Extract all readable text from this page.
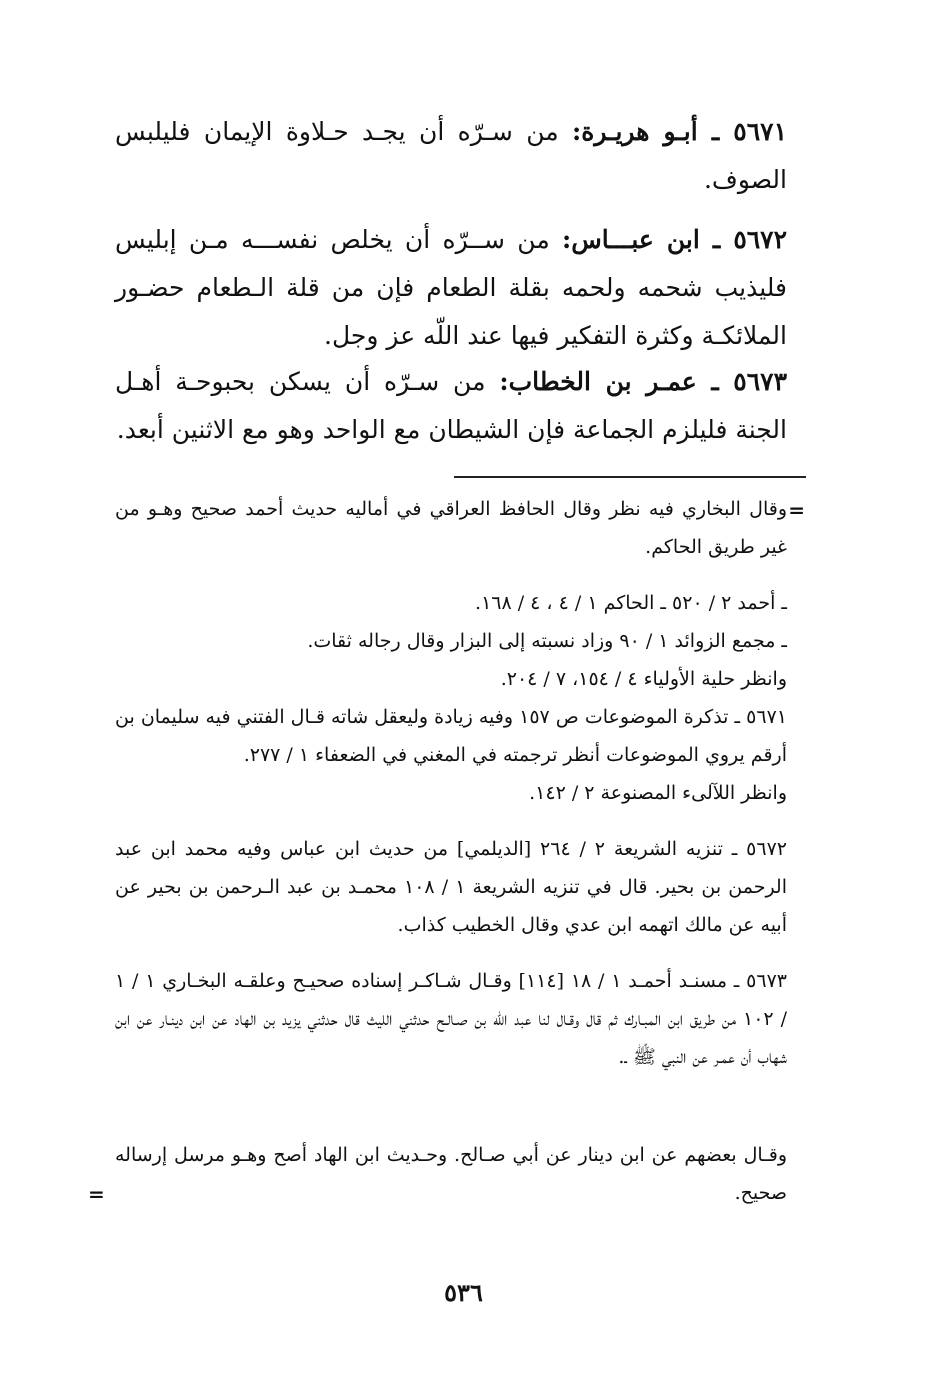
٥٦٧١ ـ أبـو هريـرة: من سـرّه أن يجـد حـلاوة الإيمان فليلبس الصوف.
٥٦٧٢ ـ ابن عبـــاس: من ســرّه أن يخلص نفســـه مـن إبليس فليذيب شحمه ولحمه بقلة الطعام فإن من قلة الـطعام حضـور الملائكـة وكثرة التفكير فيها عند اللّه عز وجل.
٥٦٧٣ ـ عمـر بن الخطاب: من سـرّه أن يسكن بحبوحـة أهـل الجنة فليلزم الجماعة فإن الشيطان مع الواحد وهو مع الاثنين أبعد.
=
وقال البخاري فيه نظر وقال الحافظ العراقي في أماليه حديث أحمد صحيح وهـو من غير طريق الحاكم.
ـ أحمد ٢ / ٥٢٠ ـ الحاكم ١ / ٤ ، ٤ / ١٦٨.
ـ مجمع الزوائد ١ / ٩٠ وزاد نسبته إلى البزار وقال رجاله ثقات.
وانظر حلية الأولياء ٤ / ١٥٤، ٧ / ٢٠٤.
٥٦٧١ ـ تذكرة الموضوعات ص ١٥٧ وفيه زيادة وليعقل شاته قـال الفتني فيه سليمان بن أرقم يروي الموضوعات أنظر ترجمته في المغني في الضعفاء ١ / ٢٧٧.
وانظر اللآلىء المصنوعة ٢ / ١٤٢.
٥٦٧٢ ـ تنزيه الشريعة ٢ / ٢٦٤ [الديلمي] من حديث ابن عباس وفيه محمد ابن عبد الرحمن بن بحير. قال في تنزيه الشريعة ١ / ١٠٨ محمـد بن عبد الـرحمن بن بحير عن أبيه عن مالك اتهمه ابن عدي وقال الخطيب كذاب.
٥٦٧٣ ـ مسنـد أحمـد ١ / ١٨ [١١٤] وقـال شـاكـر إسناده صحيـح وعلقـه البخـاري ١ / ١ / ١٠٢ من طريق ابن المبـارك ثم قال وقـال لنا عبد اللّه بن صـالـح حدثني الليث قال حدثني يزيد بن الهاد عن ابن دينـار عن ابن شهاب أن عمـر عن النبي ﷺ ـ.
وقـال بعضهم عن ابن دينار عن أبي صـالح. وحـديث ابن الهاد أصح وهـو مرسل إرساله صحيح.
=
٥٣٦
